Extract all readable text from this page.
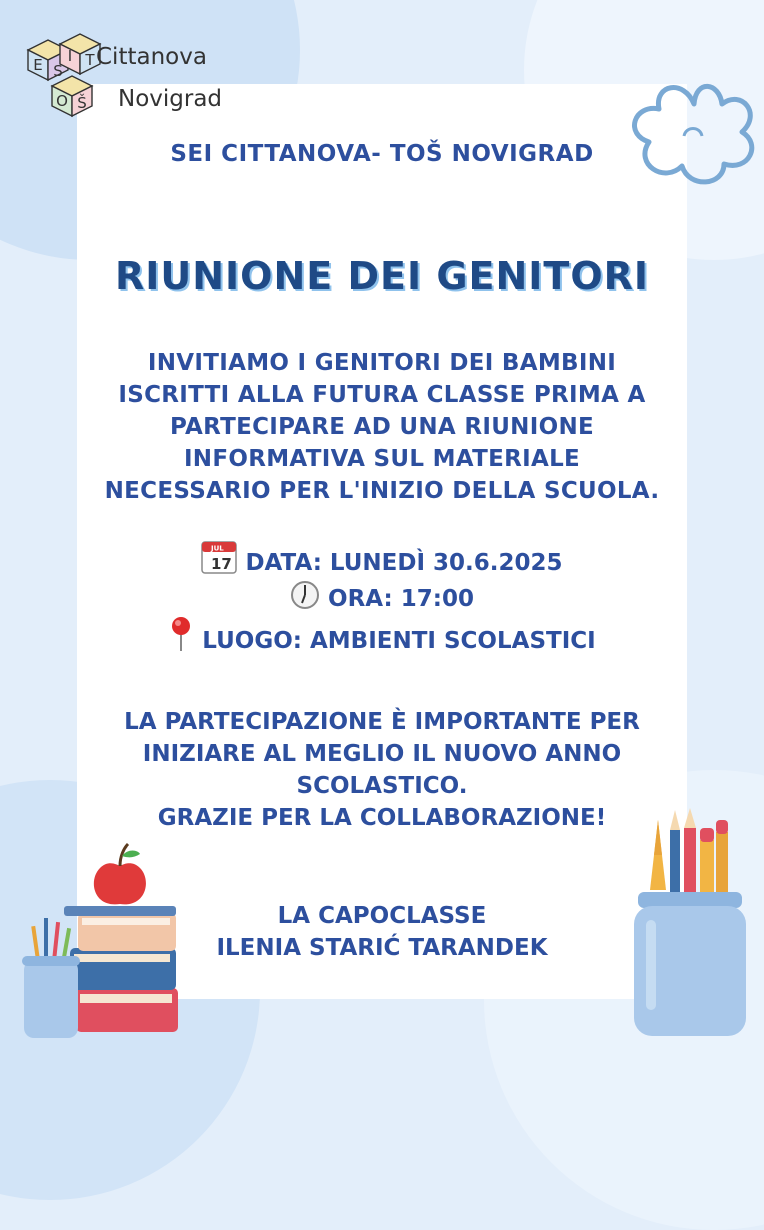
S
I T
E
O Š
Cittanova
Novigrad
SEI CITTANOVA- TOŠ NOVIGRAD
RIUNIONE DEI GENITORI
INVITIAMO I GENITORI DEI BAMBINI
ISCRITTI ALLA FUTURA CLASSE PRIMA A
PARTECIPARE AD UNA RIUNIONE
INFORMATIVA SUL MATERIALE
NECESSARIO PER L'INIZIO DELLA SCUOLA.
JUL
17 DATA: LUNEDÌ 30.6.2025
ORA: 17:00
LUOGO: AMBIENTI SCOLASTICI
LA PARTECIPAZIONE È IMPORTANTE PER
INIZIARE AL MEGLIO IL NUOVO ANNO
SCOLASTICO.
GRAZIE PER LA COLLABORAZIONE!
LA CAPOCLASSE
ILENIA STARIĆ TARANDEK
